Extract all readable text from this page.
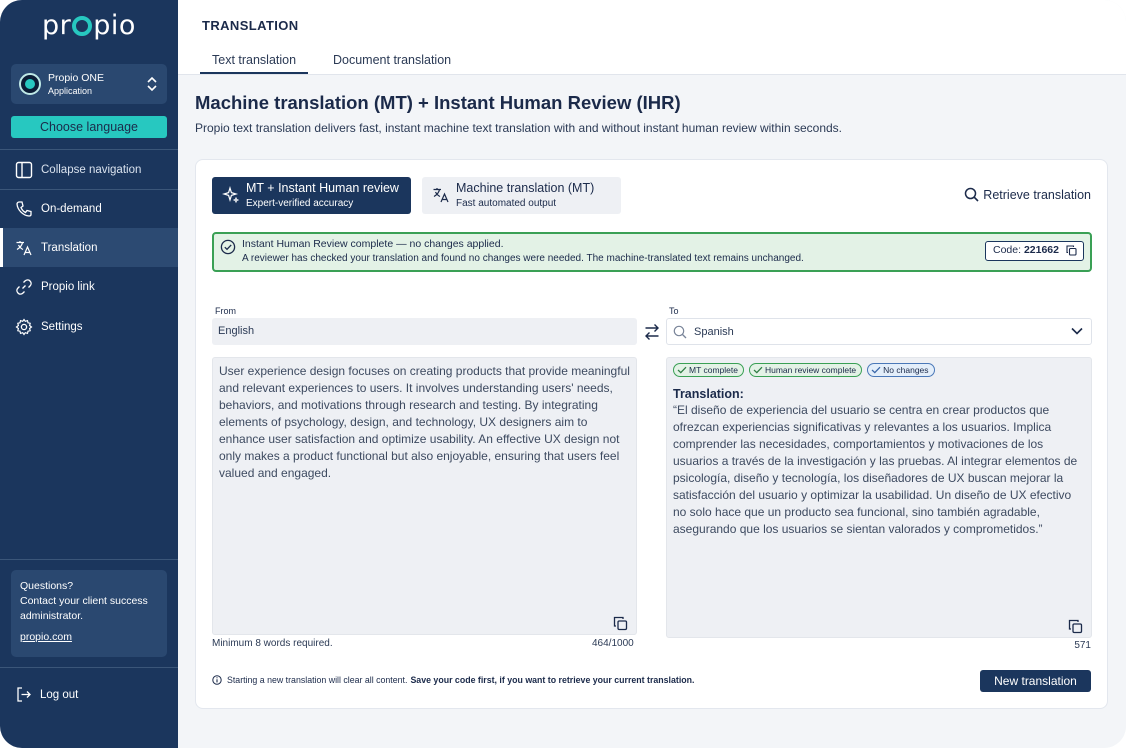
pr pio
Propio ONE
Application
Choose language
Collapse navigation
On-demand
Translation
Propio link
Settings
Questions?
Contact your client success administrator.
propio.com
Log out
TRANSLATION
Text translation	Document translation
Machine translation (MT) + Instant Human Review (IHR)
Propio text translation delivers fast, instant machine text translation with and without instant human review within seconds.
MT + Instant Human review
Expert-verified accuracy
Machine translation (MT)
Fast automated output
Retrieve translation
Instant Human Review complete — no changes applied.
A reviewer has checked your translation and found no changes were needed. The machine-translated text remains unchanged.
Code: 221662
From
English
To
Spanish
User experience design focuses on creating products that provide meaningful and relevant experiences to users. It involves understanding users' needs, behaviors, and motivations through research and testing. By integrating elements of psychology, design, and technology, UX designers aim to enhance user satisfaction and optimize usability. An effective UX design not only makes a product functional but also enjoyable, ensuring that users feel valued and engaged.
MT complete	Human review complete	No changes
Translation:
“El diseño de experiencia del usuario se centra en crear productos que ofrezcan experiencias significativas y relevantes a los usuarios. Implica comprender las necesidades, comportamientos y motivaciones de los usuarios a través de la investigación y las pruebas. Al integrar elementos de psicología, diseño y tecnología, los diseñadores de UX buscan mejorar la satisfacción del usuario y optimizar la usabilidad. Un diseño de UX efectivo no solo hace que un producto sea funcional, sino también agradable, asegurando que los usuarios se sientan valorados y comprometidos.”
Minimum 8 words required.	464/1000	571
Starting a new translation will clear all content. Save your code first, if you want to retrieve your current translation.	New translation
